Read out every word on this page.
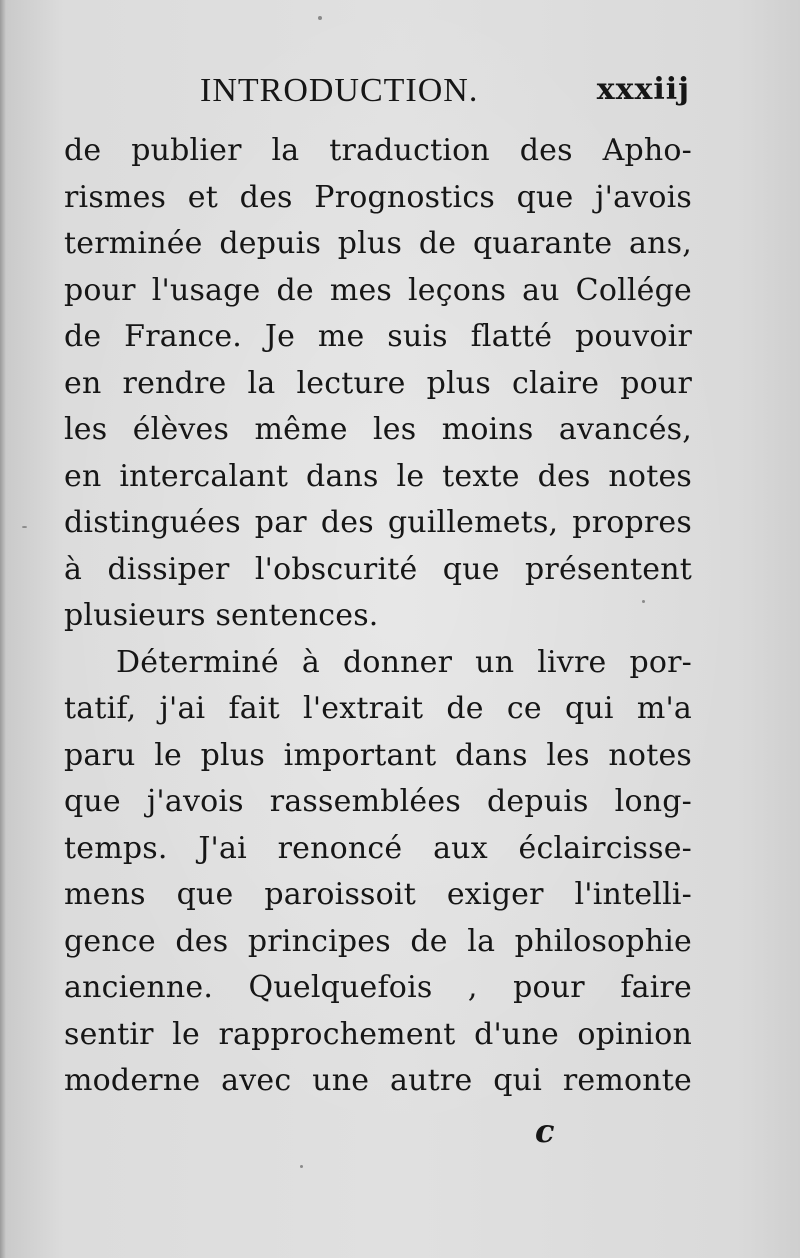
INTRODUCTION.	xxxiij
de publier la traduction des Apho-
rismes et des Prognostics que j'avois
terminée depuis plus de quarante ans,
pour l'usage de mes leçons au Collége
de France. Je me suis flatté pouvoir
en rendre la lecture plus claire pour
les élèves même les moins avancés,
en intercalant dans le texte des notes
distinguées par des guillemets, propres
à dissiper l'obscurité que présentent
plusieurs sentences.
Déterminé à donner un livre por-
tatif, j'ai fait l'extrait de ce qui m'a
paru le plus important dans les notes
que j'avois rassemblées depuis long-
temps. J'ai renoncé aux éclaircisse-
mens que paroissoit exiger l'intelli-
gence des principes de la philosophie
ancienne. Quelquefois , pour faire
sentir le rapprochement d'une opinion
moderne avec une autre qui remonte
c
